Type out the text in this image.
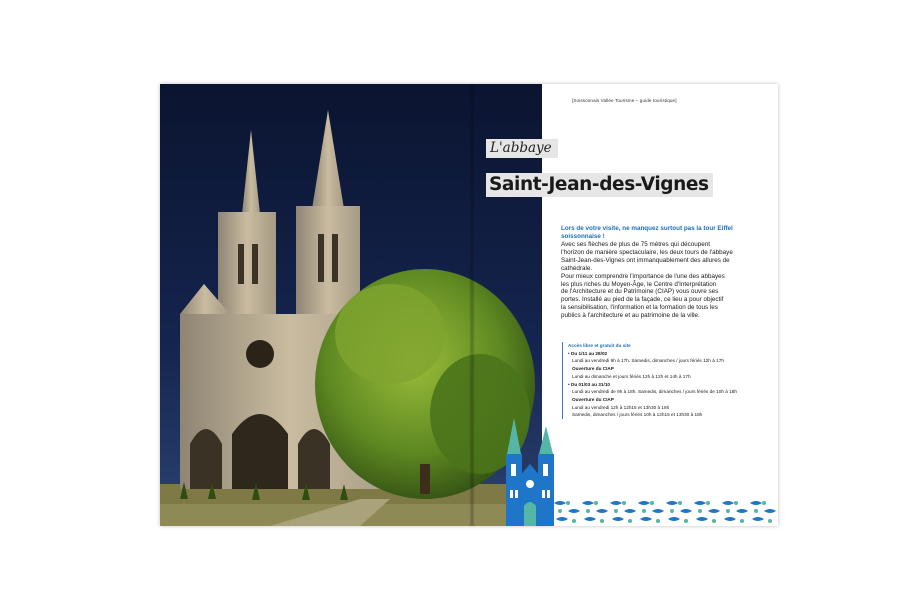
[Soissonnais Vallée Tourisme – guide touristique]
L'abbaye
Saint-Jean-des-Vignes
Lors de votre visite, ne manquez surtout pas la tour Eiffel soissonnaise !
Avec ses flèches de plus de 75 mètres qui découpent
l'horizon de manière spectaculaire, les deux tours de l'abbaye
Saint-Jean-des-Vignes ont immanquablement des allures de
cathédrale.
Pour mieux comprendre l'importance de l'une des abbayes
les plus riches du Moyen-Âge, le Centre d'Interprétation
de l'Architecture et du Patrimoine (CIAP) vous ouvre ses
portes. Installé au pied de la façade, ce lieu a pour objectif
la sensibilisation, l'information et la formation de tous les
publics à l'architecture et au patrimoine de la ville.
Accès libre et gratuit du site
• Du 1/11 au 28/02
Lundi au vendredi 9h à 17h. Samedis, dimanches / jours fériés 12h à 17h
Ouverture du CIAP
Lundi au dimanche et jours fériés 12h à 12h et 14h à 17h
• Du 01/03 au 31/10
Lundi au vendredi de 9h à 18h. Samedis, dimanches / jours fériés de 10h à 18h
Ouverture du CIAP
Lundi au vendredi 12h à 12h15 et 13h30 à 18h
Samedis, dimanches / jours fériés 10h à 12h15 et 13h30 à 18h
